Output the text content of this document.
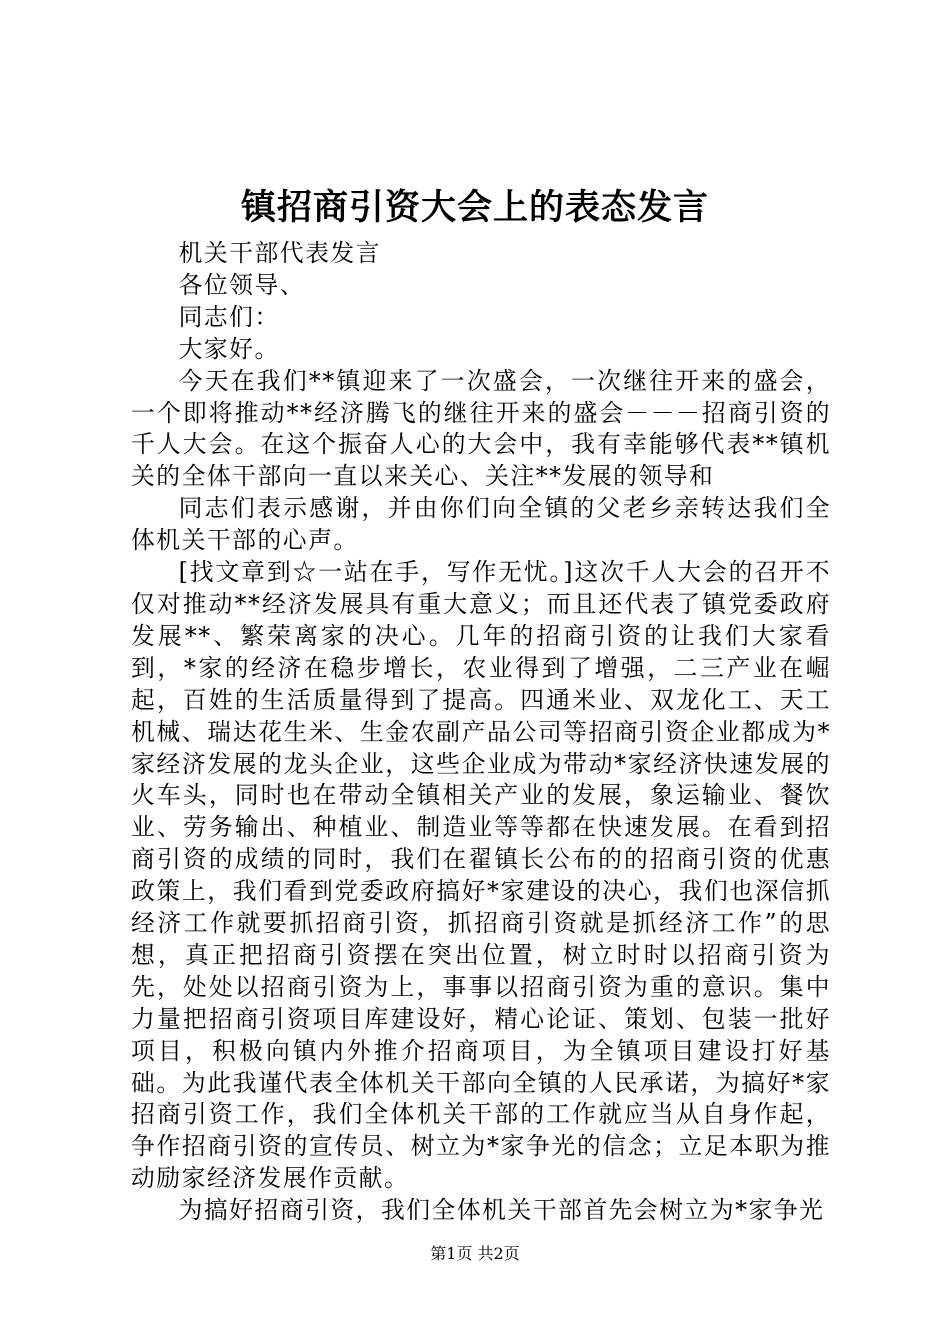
镇招商引资大会上的表态发言

机关干部代表发言

各位领导、

同志们：

大家好。

今天在我们**镇迎来了一次盛会，一次继往开来的盛会，一个即将推动**经济腾飞的继往开来的盛会－－－招商引资的千人大会。在这个振奋人心的大会中，我有幸能够代表**镇机关的全体干部向一直以来关心、关注**发展的领导和

同志们表示感谢，并由你们向全镇的父老乡亲转达我们全体机关干部的心声。

[找文章到☆一站在手，写作无忧。]这次千人大会的召开不仅对推动**经济发展具有重大意义；而且还代表了镇党委政府发展**、繁荣离家的决心。几年的招商引资的让我们大家看到，*家的经济在稳步增长，农业得到了增强，二三产业在崛起，百姓的生活质量得到了提高。四通米业、双龙化工、天工机械、瑞达花生米、生金农副产品公司等招商引资企业都成为*家经济发展的龙头企业，这些企业成为带动*家经济快速发展的火车头，同时也在带动全镇相关产业的发展，象运输业、餐饮业、劳务输出、种植业、制造业等等都在快速发展。在看到招商引资的成绩的同时，我们在翟镇长公布的的招商引资的优惠政策上，我们看到党委政府搞好*家建设的决心，我们也深信抓经济工作就要抓招商引资，抓招商引资就是抓经济工作”的思想，真正把招商引资摆在突出位置，树立时时以招商引资为先，处处以招商引资为上，事事以招商引资为重的意识。集中力量把招商引资项目库建设好，精心论证、策划、包装一批好项目，积极向镇内外推介招商项目，为全镇项目建设打好基础。为此我谨代表全体机关干部向全镇的人民承诺，为搞好*家招商引资工作，我们全体机关干部的工作就应当从自身作起，争作招商引资的宣传员、树立为*家争光的信念；立足本职为推动励家经济发展作贡献。

为搞好招商引资，我们全体机关干部首先会树立为*家争光

第1页 共2页
